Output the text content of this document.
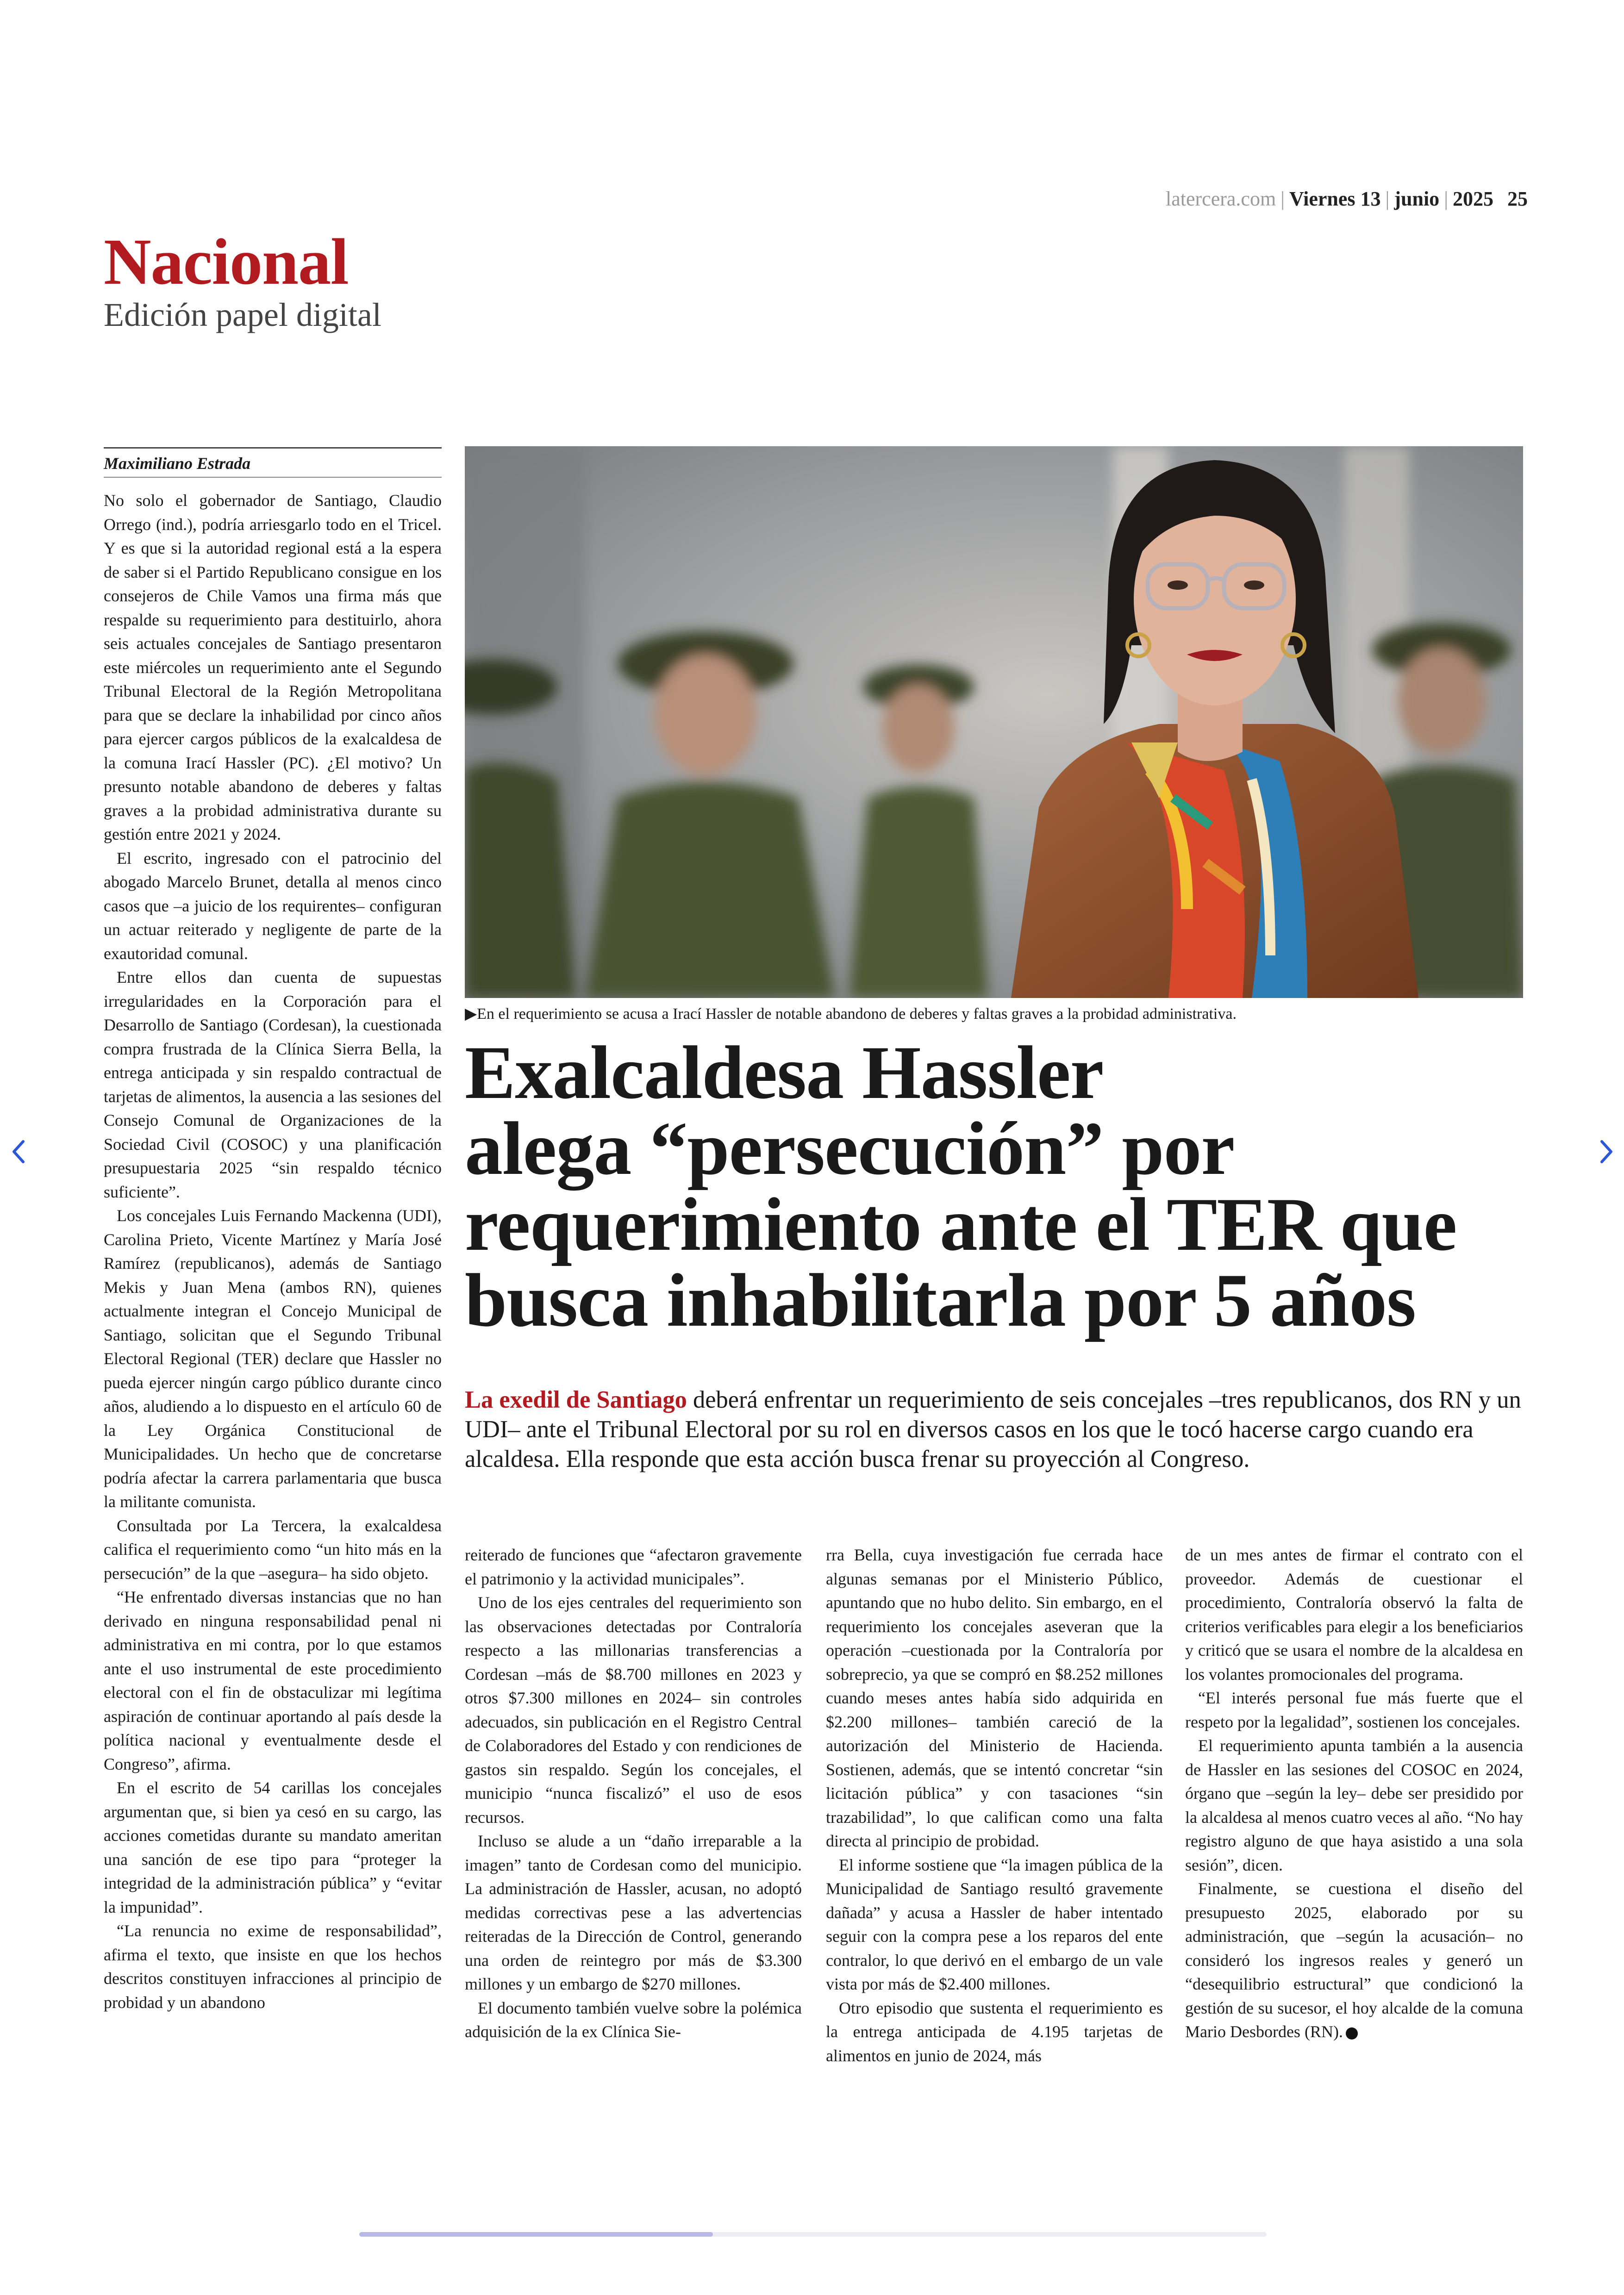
latercera.com | Viernes 13 | junio | 2025 25
Nacional
Edición papel digital
Maximiliano Estrada

No solo el gobernador de Santiago, Claudio Orrego (ind.), podría arriesgarlo todo en el Tricel. Y es que si la autoridad regional está a la espera de saber si el Partido Republicano consigue en los consejeros de Chile Vamos una firma más que respalde su requerimiento para destituirlo, ahora seis actuales concejales de Santiago presentaron este miércoles un requerimiento ante el Segundo Tribunal Electoral de la Región Metropolitana para que se declare la inhabilidad por cinco años para ejercer cargos públicos de la exalcaldesa de la comuna Irací Hassler (PC). ¿El motivo? Un presunto notable abandono de deberes y faltas graves a la probidad administrativa durante su gestión entre 2021 y 2024.

El escrito, ingresado con el patrocinio del abogado Marcelo Brunet, detalla al menos cinco casos que –a juicio de los requirentes– configuran un actuar reiterado y negligente de parte de la exautoridad comunal.

Entre ellos dan cuenta de supuestas irregularidades en la Corporación para el Desarrollo de Santiago (Cordesan), la cuestionada compra frustrada de la Clínica Sierra Bella, la entrega anticipada y sin respaldo contractual de tarjetas de alimentos, la ausencia a las sesiones del Consejo Comunal de Organizaciones de la Sociedad Civil (COSOC) y una planificación presupuestaria 2025 “sin respaldo técnico suficiente”.

Los concejales Luis Fernando Mackenna (UDI), Carolina Prieto, Vicente Martínez y María José Ramírez (republicanos), además de Santiago Mekis y Juan Mena (ambos RN), quienes actualmente integran el Concejo Municipal de Santiago, solicitan que el Segundo Tribunal Electoral Regional (TER) declare que Hassler no pueda ejercer ningún cargo público durante cinco años, aludiendo a lo dispuesto en el artículo 60 de la Ley Orgánica Constitucional de Municipalidades. Un hecho que de concretarse podría afectar la carrera parlamentaria que busca la militante comunista.

Consultada por La Tercera, la exalcaldesa califica el requerimiento como “un hito más en la persecución” de la que –asegura– ha sido objeto.

“He enfrentado diversas instancias que no han derivado en ninguna responsabilidad penal ni administrativa en mi contra, por lo que estamos ante el uso instrumental de este procedimiento electoral con el fin de obstaculizar mi legítima aspiración de continuar aportando al país desde la política nacional y eventualmente desde el Congreso”, afirma.

En el escrito de 54 carillas los concejales argumentan que, si bien ya cesó en su cargo, las acciones cometidas durante su mandato ameritan una sanción de ese tipo para “proteger la integridad de la administración pública” y “evitar la impunidad”.

“La renuncia no exime de responsabilidad”, afirma el texto, que insiste en que los hechos descritos constituyen infracciones al principio de probidad y un abandono

▶En el requerimiento se acusa a Irací Hassler de notable abandono de deberes y faltas graves a la probidad administrativa.
Exalcaldesa Hassler
alega “persecución” por
requerimiento ante el TER que
busca inhabilitarla por 5 años
La exedil de Santiago deberá enfrentar un requerimiento de seis concejales –tres republicanos, dos RN y un UDI– ante el Tribunal Electoral por su rol en diversos casos en los que le tocó hacerse cargo cuando era alcaldesa. Ella responde que esta acción busca frenar su proyección al Congreso.

reiterado de funciones que “afectaron gravemente el patrimonio y la actividad municipales”.

Uno de los ejes centrales del requerimiento son las observaciones detectadas por Contraloría respecto a las millonarias transferencias a Cordesan –más de $8.700 millones en 2023 y otros $7.300 millones en 2024– sin controles adecuados, sin publicación en el Registro Central de Colaboradores del Estado y con rendiciones de gastos sin respaldo. Según los concejales, el municipio “nunca fiscalizó” el uso de esos recursos.

Incluso se alude a un “daño irreparable a la imagen” tanto de Cordesan como del municipio. La administración de Hassler, acusan, no adoptó medidas correctivas pese a las advertencias reiteradas de la Dirección de Control, generando una orden de reintegro por más de $3.300 millones y un embargo de $270 millones.

El documento también vuelve sobre la polémica adquisición de la ex Clínica Sie-

rra Bella, cuya investigación fue cerrada hace algunas semanas por el Ministerio Público, apuntando que no hubo delito. Sin embargo, en el requerimiento los concejales aseveran que la operación –cuestionada por la Contraloría por sobreprecio, ya que se compró en $8.252 millones cuando meses antes había sido adquirida en $2.200 millones– también careció de la autorización del Ministerio de Hacienda. Sostienen, además, que se intentó concretar “sin licitación pública” y con tasaciones “sin trazabilidad”, lo que califican como una falta directa al principio de probidad.

El informe sostiene que “la imagen pública de la Municipalidad de Santiago resultó gravemente dañada” y acusa a Hassler de haber intentado seguir con la compra pese a los reparos del ente contralor, lo que derivó en el embargo de un vale vista por más de $2.400 millones.

Otro episodio que sustenta el requerimiento es la entrega anticipada de 4.195 tarjetas de alimentos en junio de 2024, más

de un mes antes de firmar el contrato con el proveedor. Además de cuestionar el procedimiento, Contraloría observó la falta de criterios verificables para elegir a los beneficiarios y criticó que se usara el nombre de la alcaldesa en los volantes promocionales del programa.

“El interés personal fue más fuerte que el respeto por la legalidad”, sostienen los concejales.

El requerimiento apunta también a la ausencia de Hassler en las sesiones del COSOC en 2024, órgano que –según la ley– debe ser presidido por la alcaldesa al menos cuatro veces al año. “No hay registro alguno de que haya asistido a una sola sesión”, dicen.

Finalmente, se cuestiona el diseño del presupuesto 2025, elaborado por su administración, que –según la acusación– no consideró los ingresos reales y generó un “desequilibrio estructural” que condicionó la gestión de su sucesor, el hoy alcalde de la comuna Mario Desbordes (RN).
